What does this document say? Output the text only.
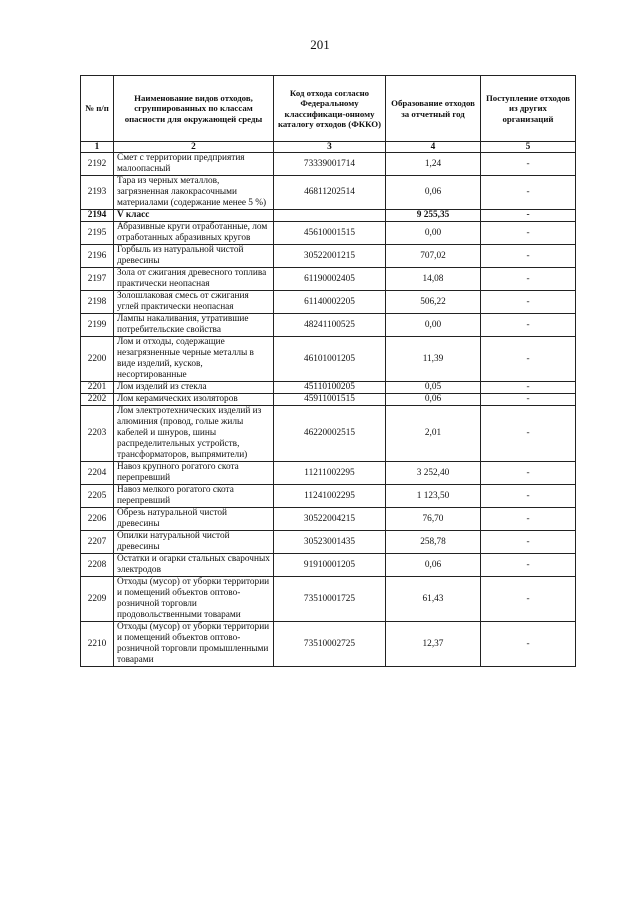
201
№ п/п	Наименование видов отходов, сгруппированных по классам опасности для окружающей среды	Код отхода согласно Федеральному классификаци-онному каталогу отходов (ФККО)	Образование отходов за отчетный год	Поступление отходов из других организаций
1	2	3	4	5
2192	Смет с территории предприятия малоопасный	73339001714	1,24	-
2193	Тара из черных металлов, загрязненная лакокрасочными материалами (содержание менее 5 %)	46811202514	0,06	-
2194	V класс		9 255,35	-
2195	Абразивные круги отработанные, лом отработанных абразивных кругов	45610001515	0,00	-
2196	Горбыль из натуральной чистой древесины	30522001215	707,02	-
2197	Зола от сжигания древесного топлива практически неопасная	61190002405	14,08	-
2198	Золошлаковая смесь от сжигания углей практически неопасная	61140002205	506,22	-
2199	Лампы накаливания, утратившие потребительские свойства	48241100525	0,00	-
2200	Лом и отходы, содержащие незагрязненные черные металлы в виде изделий, кусков, несортированные	46101001205	11,39	-
2201	Лом изделий из стекла	45110100205	0,05	-
2202	Лом керамических изоляторов	45911001515	0,06	-
2203	Лом электротехнических изделий из алюминия (провод, голые жилы кабелей и шнуров, шины распределительных устройств, трансформаторов, выпрямители)	46220002515	2,01	-
2204	Навоз крупного рогатого скота перепревший	11211002295	3 252,40	-
2205	Навоз мелкого рогатого скота перепревший	11241002295	1 123,50	-
2206	Обрезь натуральной чистой древесины	30522004215	76,70	-
2207	Опилки натуральной чистой древесины	30523001435	258,78	-
2208	Остатки и огарки стальных сварочных электродов	91910001205	0,06	-
2209	Отходы (мусор) от уборки территории и помещений объектов оптово-розничной торговли продовольственными товарами	73510001725	61,43	-
2210	Отходы (мусор) от уборки территории и помещений объектов оптово-розничной торговли промышленными товарами	73510002725	12,37	-
